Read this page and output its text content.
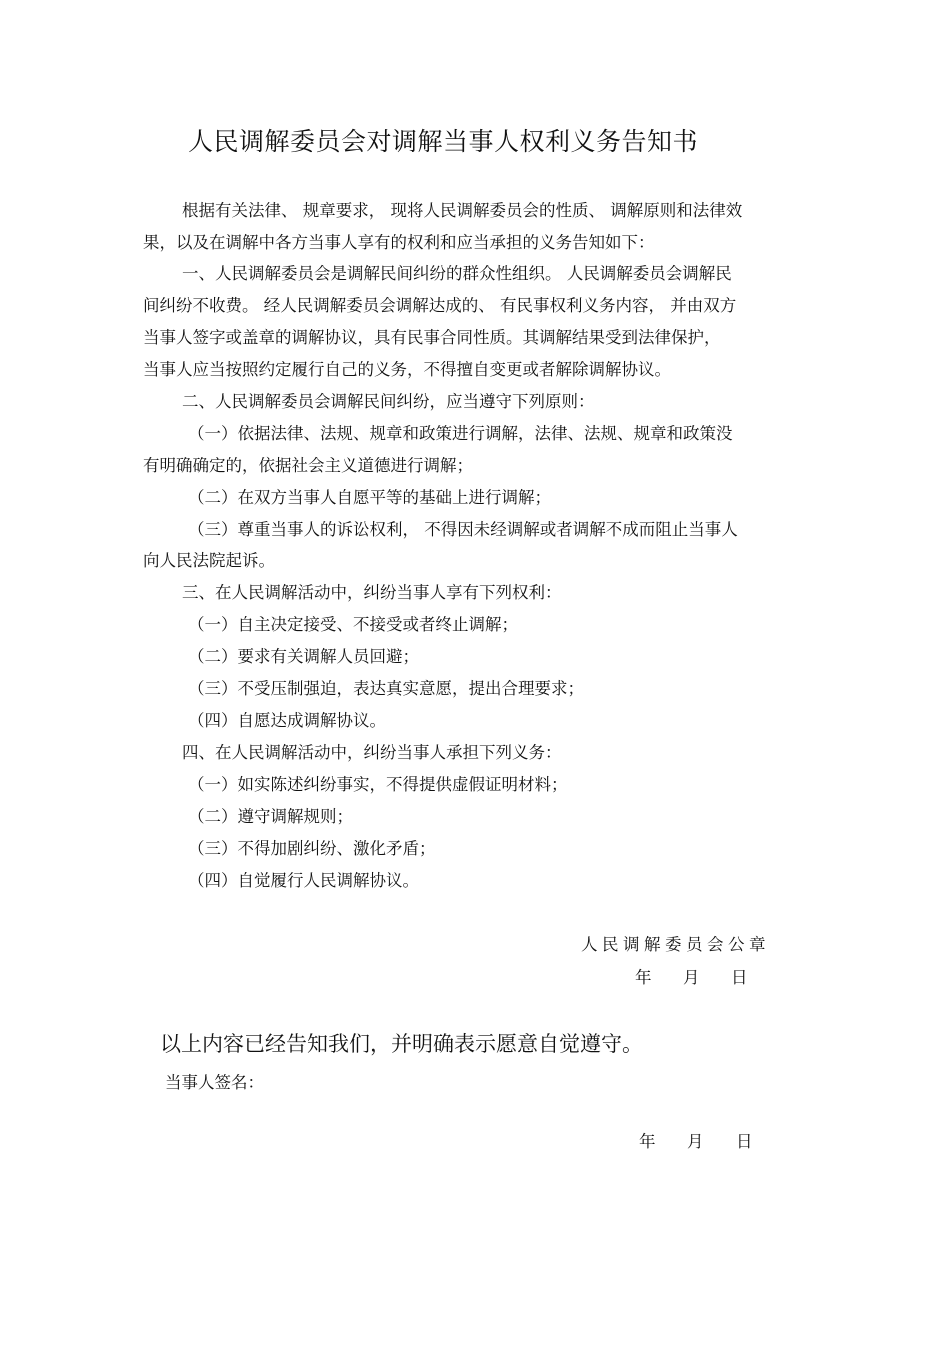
人民调解委员会对调解当事人权利义务告知书
根据有关法律、 规章要求， 现将人民调解委员会的性质、 调解原则和法律效
果，以及在调解中各方当事人享有的权利和应当承担的义务告知如下：
一、人民调解委员会是调解民间纠纷的群众性组织。 人民调解委员会调解民
间纠纷不收费。 经人民调解委员会调解达成的、 有民事权利义务内容， 并由双方
当事人签字或盖章的调解协议，具有民事合同性质。其调解结果受到法律保护，
当事人应当按照约定履行自己的义务，不得擅自变更或者解除调解协议。
二、人民调解委员会调解民间纠纷，应当遵守下列原则：
（一）依据法律、法规、规章和政策进行调解，法律、法规、规章和政策没
有明确确定的，依据社会主义道德进行调解；
（二）在双方当事人自愿平等的基础上进行调解；
（三）尊重当事人的诉讼权利， 不得因未经调解或者调解不成而阻止当事人
向人民法院起诉。
三、在人民调解活动中，纠纷当事人享有下列权利：
（一）自主决定接受、不接受或者终止调解；
（二）要求有关调解人员回避；
（三）不受压制强迫，表达真实意愿，提出合理要求；
（四）自愿达成调解协议。
四、在人民调解活动中，纠纷当事人承担下列义务：
（一）如实陈述纠纷事实，不得提供虚假证明材料；
（二）遵守调解规则；
（三）不得加剧纠纷、激化矛盾；
（四）自觉履行人民调解协议。
人民调解委员会公章
年 月 日
以上内容已经告知我们，并明确表示愿意自觉遵守。
当事人签名：
年 月 日
